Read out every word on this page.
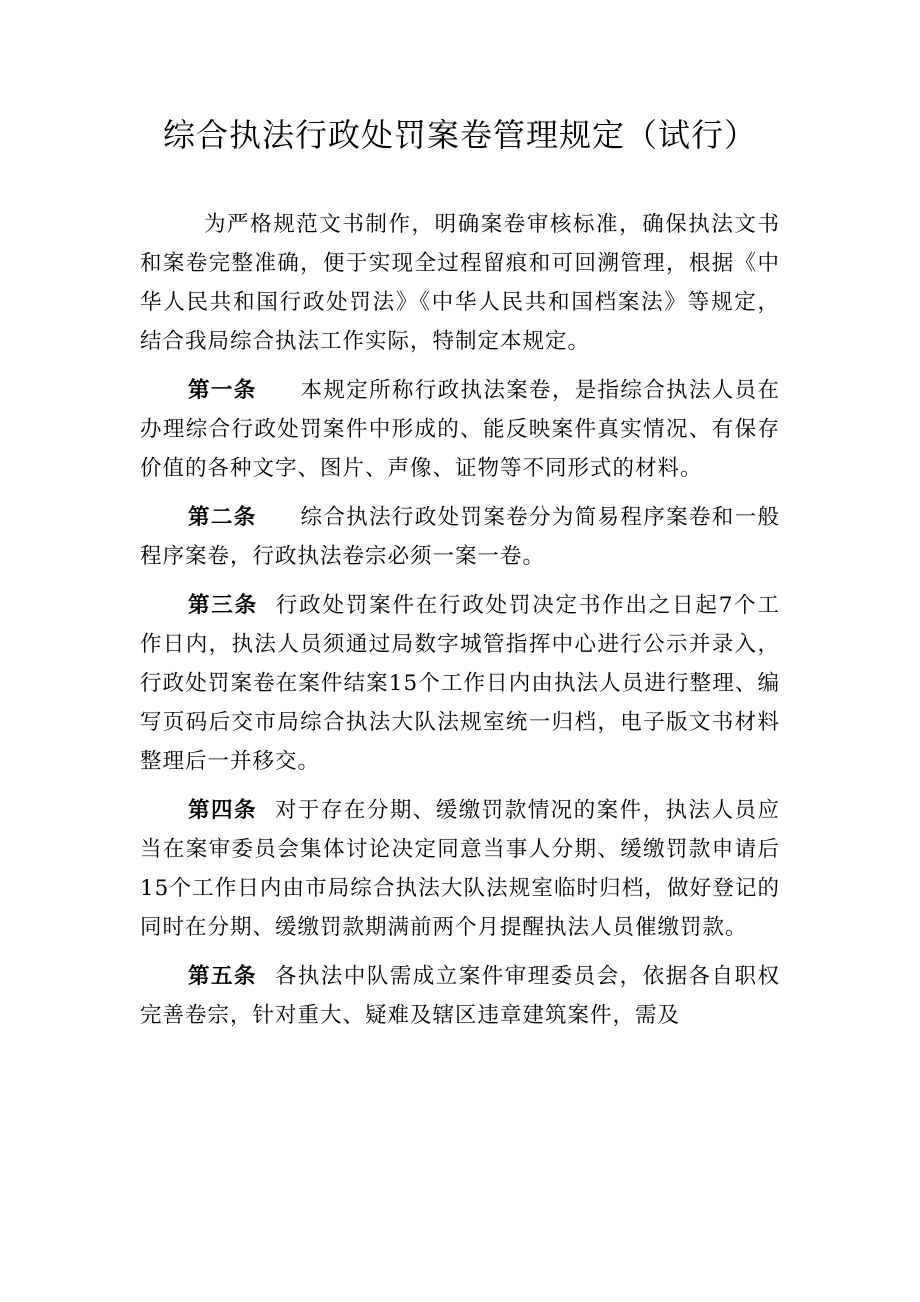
综合执法行政处罚案卷管理规定（试行）

为严格规范文书制作，明确案卷审核标准，确保执法文书和案卷完整准确，便于实现全过程留痕和可回溯管理，根据《中华人民共和国行政处罚法》《中华人民共和国档案法》等规定，结合我局综合执法工作实际，特制定本规定。

第一条 本规定所称行政执法案卷，是指综合执法人员在办理综合行政处罚案件中形成的、能反映案件真实情况、有保存价值的各种文字、图片、声像、证物等不同形式的材料。

第二条 综合执法行政处罚案卷分为简易程序案卷和一般程序案卷，行政执法卷宗必须一案一卷。

第三条 行政处罚案件在行政处罚决定书作出之日起7个工作日内，执法人员须通过局数字城管指挥中心进行公示并录入，行政处罚案卷在案件结案15个工作日内由执法人员进行整理、编写页码后交市局综合执法大队法规室统一归档，电子版文书材料整理后一并移交。

第四条 对于存在分期、缓缴罚款情况的案件，执法人员应当在案审委员会集体讨论决定同意当事人分期、缓缴罚款申请后15个工作日内由市局综合执法大队法规室临时归档，做好登记的同时在分期、缓缴罚款期满前两个月提醒执法人员催缴罚款。

第五条 各执法中队需成立案件审理委员会，依据各自职权完善卷宗，针对重大、疑难及辖区违章建筑案件，需及
